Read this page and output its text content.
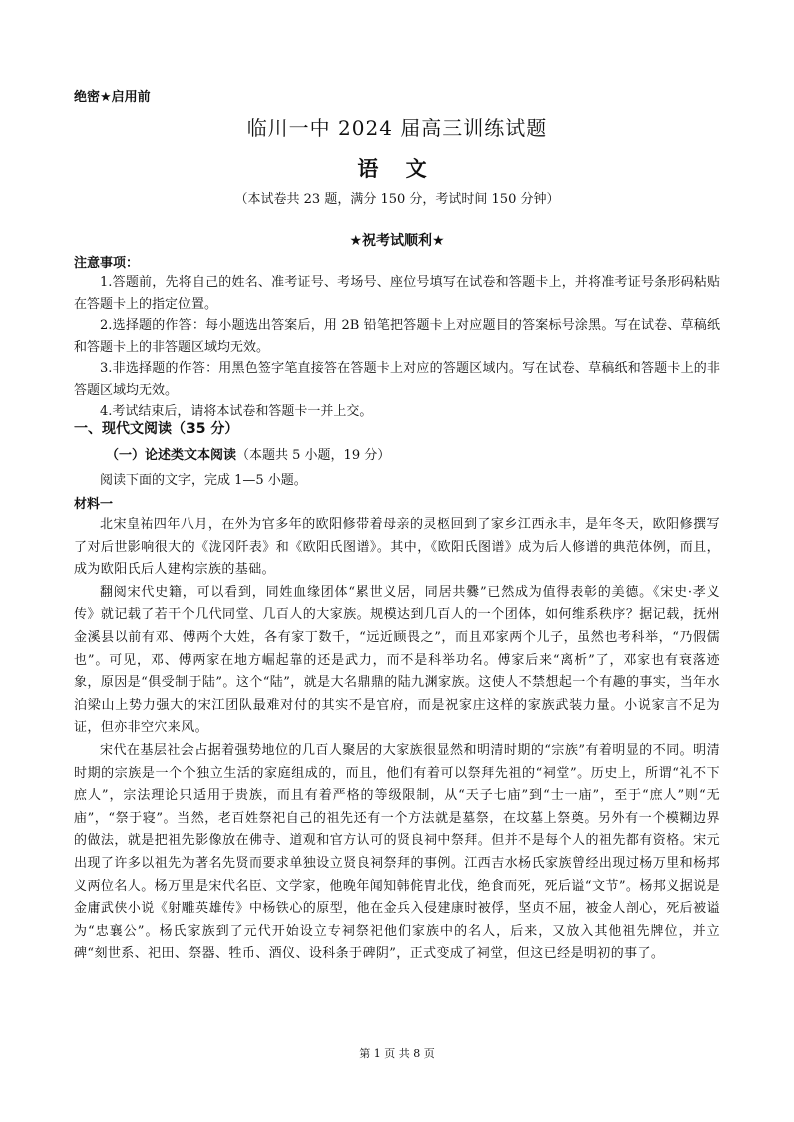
绝密★启用前
临川一中 2024 届高三训练试题
语 文
（本试卷共 23 题，满分 150 分，考试时间 150 分钟）
★祝考试顺利★
注意事项：

1.答题前，先将自己的姓名、准考证号、考场号、座位号填写在试卷和答题卡上，并将准考证号条形码粘贴在答题卡上的指定位置。

2.选择题的作答：每小题选出答案后，用 2B 铅笔把答题卡上对应题目的答案标号涂黑。写在试卷、草稿纸和答题卡上的非答题区域均无效。

3.非选择题的作答：用黑色签字笔直接答在答题卡上对应的答题区域内。写在试卷、草稿纸和答题卡上的非答题区域均无效。

4.考试结束后，请将本试卷和答题卡一并上交。

一、现代文阅读（35 分）
（一）论述类文本阅读（本题共 5 小题，19 分）
阅读下面的文字，完成 1—5 小题。
材料一

北宋皇祐四年八月，在外为官多年的欧阳修带着母亲的灵柩回到了家乡江西永丰，是年冬天，欧阳修撰写了对后世影响很大的《泷冈阡表》和《欧阳氏图谱》。其中，《欧阳氏图谱》成为后人修谱的典范体例，而且，成为欧阳氏后人建构宗族的基础。

翻阅宋代史籍，可以看到，同姓血缘团体“累世义居，同居共爨”已然成为值得表彰的美德。《宋史·孝义传》就记载了若干个几代同堂、几百人的大家族。规模达到几百人的一个团体，如何维系秩序？据记载，抚州金溪县以前有邓、傅两个大姓，各有家丁数千，“远近顾畏之”，而且邓家两个儿子，虽然也考科举，“乃假儒也”。可见，邓、傅两家在地方崛起靠的还是武力，而不是科举功名。傅家后来“离析”了，邓家也有衰落迹象，原因是“俱受制于陆”。这个“陆”，就是大名鼎鼎的陆九渊家族。这使人不禁想起一个有趣的事实，当年水泊梁山上势力强大的宋江团队最难对付的其实不是官府，而是祝家庄这样的家族武装力量。小说家言不足为证，但亦非空穴来风。

宋代在基层社会占据着强势地位的几百人聚居的大家族很显然和明清时期的“宗族”有着明显的不同。明清时期的宗族是一个个独立生活的家庭组成的，而且，他们有着可以祭拜先祖的“祠堂”。历史上，所谓“礼不下庶人”，宗法理论只适用于贵族，而且有着严格的等级限制，从“天子七庙”到“士一庙”，至于“庶人”则“无庙”，“祭于寝”。当然，老百姓祭祀自己的祖先还有一个方法就是墓祭，在坟墓上祭奠。另外有一个模糊边界的做法，就是把祖先影像放在佛寺、道观和官方认可的贤良祠中祭拜。但并不是每个人的祖先都有资格。宋元出现了许多以祖先为著名先贤而要求单独设立贤良祠祭拜的事例。江西吉水杨氏家族曾经出现过杨万里和杨邦义两位名人。杨万里是宋代名臣、文学家，他晚年闻知韩侂胄北伐，绝食而死，死后谥“文节”。杨邦义据说是金庸武侠小说《射雕英雄传》中杨铁心的原型，他在金兵入侵建康时被俘，坚贞不屈，被金人剖心，死后被谥为“忠襄公”。杨氏家族到了元代开始设立专祠祭祀他们家族中的名人，后来，又放入其他祖先牌位，并立碑“刻世系、祀田、祭器、牲币、酒仪、设科条于碑阴”，正式变成了祠堂，但这已经是明初的事了。

第 1 页 共 8 页
